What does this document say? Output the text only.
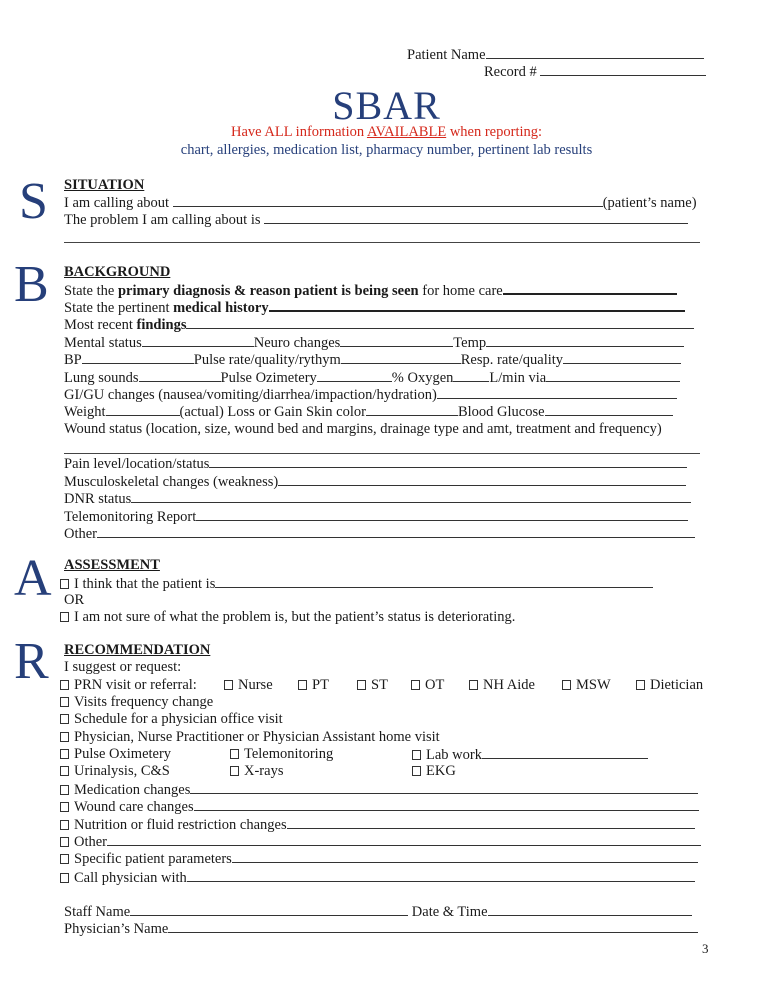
Patient Name
Record #
SBAR
Have ALL information AVAILABLE when reporting:
chart, allergies, medication list, pharmacy number, pertinent lab results
S SITUATION
I am calling about	(patient’s name)
The problem I am calling about is
B BACKGROUND
State the primary diagnosis & reason patient is being seen for home care
State the pertinent medical history
Most recent findings
Mental status	Neuro changes	Temp
BP	Pulse rate/quality/rythym	Resp. rate/quality
Lung sounds	Pulse Ozimetery	% Oxygen L/min via
GI/GU changes (nausea/vomiting/diarrhea/impaction/hydration)
Weight	(actual) Loss or Gain Skin color	Blood Glucose
Wound status (location, size, wound bed and margins, drainage type and amt, treatment and frequency)
Pain level/location/status
Musculoskeletal changes (weakness)
DNR status
Telemonitoring Report
Other
A ASSESSMENT
I think that the patient is
OR
I am not sure of what the problem is, but the patient’s status is deteriorating.
R RECOMMENDATION
I suggest or request:
PRN visit or referral:	Nurse	PT	ST	OT	NH Aide	MSW	Dietician
Visits frequency change
Schedule for a physician office visit
Physician, Nurse Practitioner or Physician Assistant home visit
Pulse Oximetery	Telemonitoring	Lab work
Urinalysis, C&S	X-rays	EKG
Medication changes
Wound care changes
Nutrition or fluid restriction changes
Other
Specific patient parameters
Call physician with
Staff Name	Date & Time
Physician’s Name
3
